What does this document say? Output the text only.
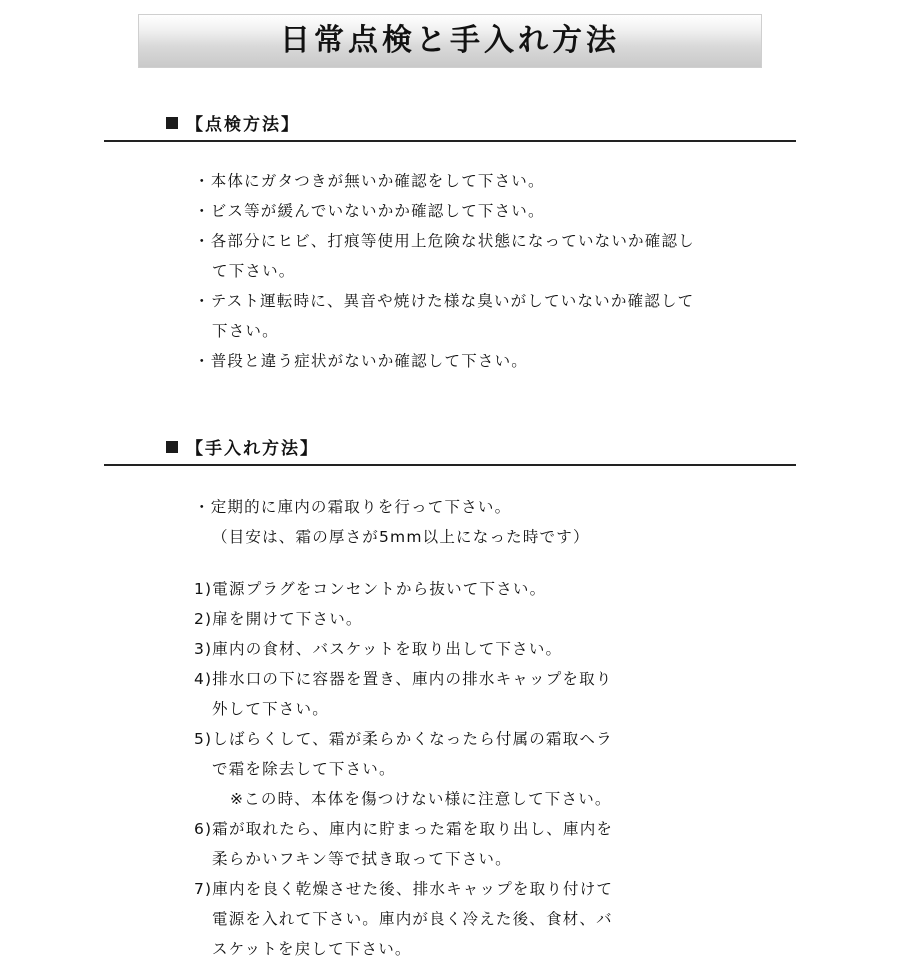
日常点検と手入れ方法
【点検方法】
・本体にガタつきが無いか確認をして下さい。
・ビス等が緩んでいないかか確認して下さい。
・各部分にヒビ、打痕等使用上危険な状態になっていないか確認し
て下さい。
・テスト運転時に、異音や焼けた様な臭いがしていないか確認して
下さい。
・普段と違う症状がないか確認して下さい。
【手入れ方法】
・定期的に庫内の霜取りを行って下さい。
（目安は、霜の厚さが5mm以上になった時です）
1)電源プラグをコンセントから抜いて下さい。
2)扉を開けて下さい。
3)庫内の食材、バスケットを取り出して下さい。
4)排水口の下に容器を置き、庫内の排水キャップを取り
外して下さい。
5)しばらくして、霜が柔らかくなったら付属の霜取ヘラ
で霜を除去して下さい。
※この時、本体を傷つけない様に注意して下さい。
6)霜が取れたら、庫内に貯まった霜を取り出し、庫内を
柔らかいフキン等で拭き取って下さい。
7)庫内を良く乾燥させた後、排水キャップを取り付けて
電源を入れて下さい。庫内が良く冷えた後、食材、バ
スケットを戻して下さい。
